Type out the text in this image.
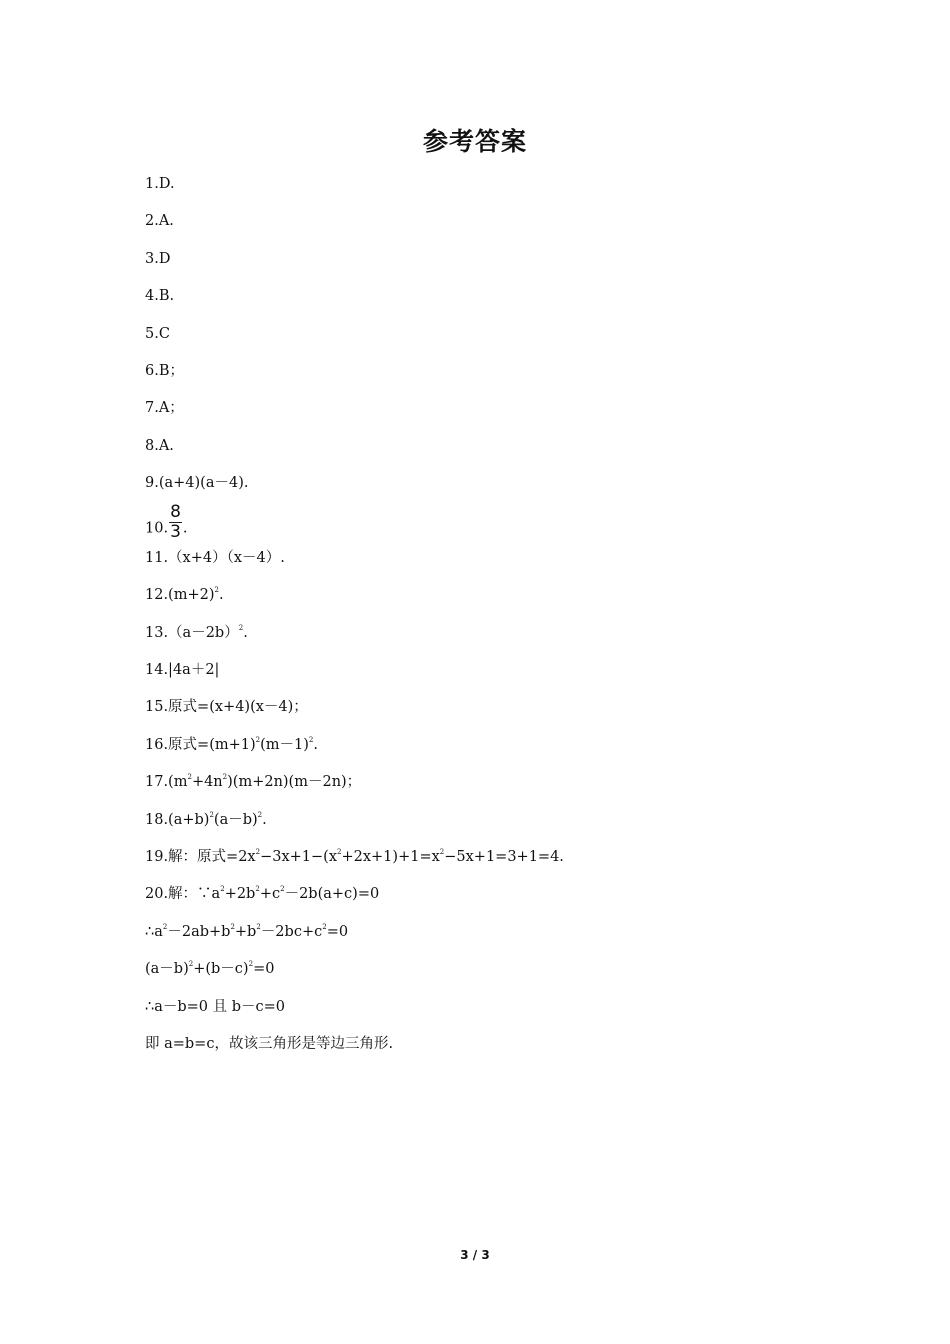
参考答案
1.D.
2.A.
3.D
4.B.
5.C
6.B；
7.A；
8.A.
9.(a+4)(a－4).
10. $\frac{8}{3}$ .
11.（x+4）（x－4）.
$12.(m+2)^2$.
$13.(a-2b)^2$.
14.|4a＋2|
15.原式=(x+4)(x－4)；
16.原式$=(m+1)^2(m-1)^2$.
$17.(m^2+4n^2)(m+2n)(m-2n)$；
$18.(a+b)^2(a-b)^2$.
19.解：原式$=2x^2-3x+1-(x^2+2x+1)+1=x^2-5x+1=3+1=4$.
20.解：$\because a^2+2b^2+c^2-2b(a+c)=0$
$\therefore a^2-2ab+b^2+b^2-2bc+c^2=0$
$(a-b)^2+(b-c)^2=0$
∴a－b=0 且 b－c=0
即 a=b=c，故该三角形是等边三角形.
3 / 3
